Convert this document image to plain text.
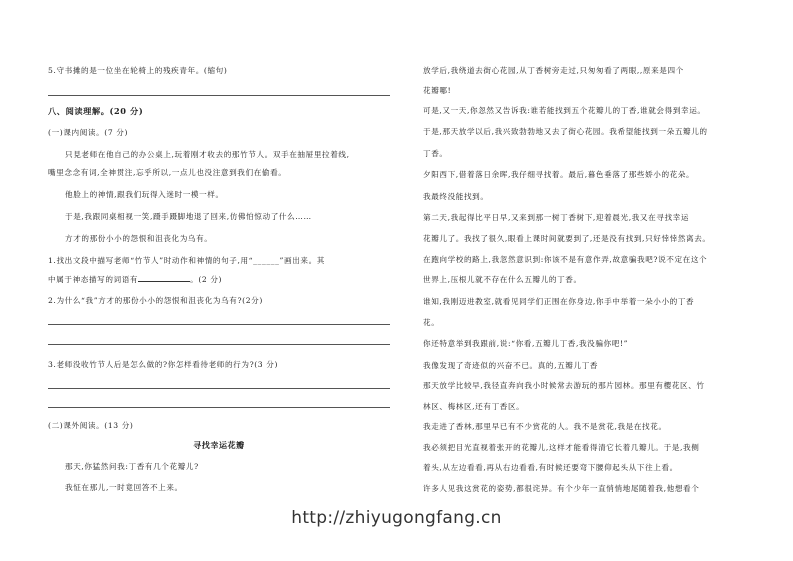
5.守书摊的是一位坐在轮椅上的残疾青年。(缩句)
八、阅读理解。(20 分)
(一)课内阅读。(7 分)
只見老师在他自己的办公桌上,玩着刚才收去的那竹节人。双手在抽屉里拉着线,
嘴里念念有词,全神贯注,忘乎所以,一点儿也没注意到我们在偷看。
他脸上的神情,跟我们玩得入迷时一模一样。
于是,我跟同桌相视一笑,蹑手蹑脚地退了回来,仿佛怕惊动了什么……
方才的那份小小的怨恨和沮丧化为乌有。
1.找出文段中描写老师“竹节人”时动作和神情的句子,用“______”画出来。其
中属于神态描写的词语有	。(2 分)
2.为什么“我”方才的那份小小的怨恨和沮丧化为乌有?(2分)
3.老师没收竹节人后是怎么做的?你怎样看待老师的行为?(3 分)
(二)课外阅读。(13 分)
寻找幸运花瓣
那天,你猛然问我:丁香有几个花瓣儿?
我怔在那儿,一时竟回答不上来。
放学后,我绕道去街心花园,从丁香树旁走过,只匆匆看了两眼,,原来是四个
花瓣哪!
可是,又一天,你忽然又告诉我:谁若能找到五个花瓣儿的丁香,谁就会得到幸运。
于是,那天放学以后,我兴致勃勃地又去了街心花园。我希望能找到一朵五瓣儿的
丁香。
夕阳西下,借着落日余晖,我仔细寻找着。最后,暮色垂落了那些娇小的花朵。
我最终没能找到。
第二天,我起得比平日早,又来到那一树丁香树下,迎着晨光,我又在寻找幸运
花瓣儿了。我找了很久,眼看上课时间就要到了,还是没有找到,只好悻悻然离去。
在跑向学校的路上,我忽然意识到:你该不是有意作弄,故意骗我吧?说不定在这个
世界上,压根儿就不存在什么五瓣儿的丁香。
谁知,我刚迈进教室,就看见同学们正围在你身边,你手中举着一朵小小的丁香
花。
你还特意举到我跟前,说:“你看,五瓣儿丁香,我没骗你吧!”
我像发现了奇迹似的兴奋不已。真的,五瓣儿丁香
那天放学比较早,我径直奔向我小时候常去游玩的那片园林。那里有樱花区、竹
林区、梅林区,还有丁香区。
我走进了香林,那里早已有不少赏花的人。我不是赏花,我是在找花。
我必须把目光直视着张开的花瓣儿,这样才能看得清它长着几瓣儿。于是,我侧
着头,从左边看看,再从右边看看,有时候还要弯下腰仰起头从下往上看。
许多人见我这赏花的姿势,都很诧异。有个少年一直悄悄地尾随着我,他想看个
http://zhiyugongfang.cn
